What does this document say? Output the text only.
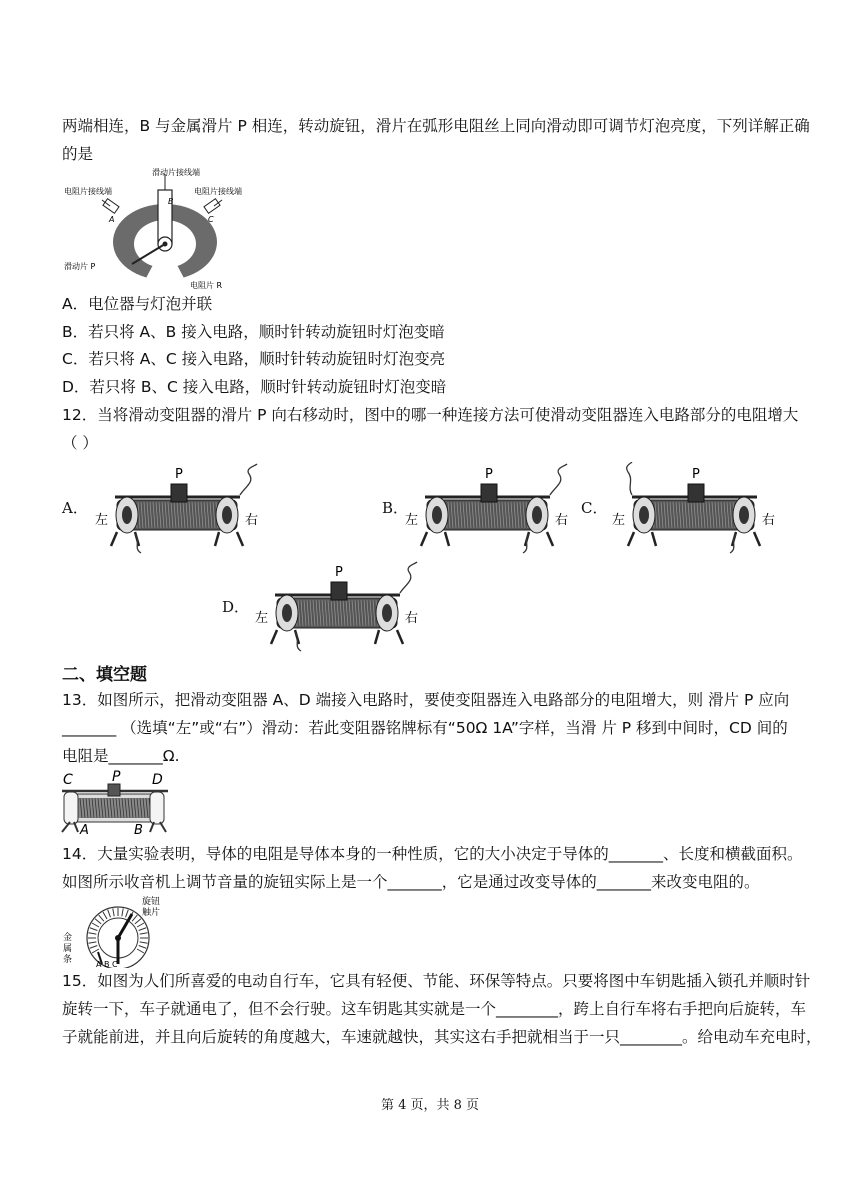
两端相连，B 与金属滑片 P 相连，转动旋钮，滑片在弧形电阻丝上同向滑动即可调节灯泡亮度，下列详解正确
的是
滑动片接线端
电阻片接线端	电阻片接线端
A
B
C
滑动片 P
电阻片 R
A．电位器与灯泡并联
B．若只将 A、B 接入电路，顺时针转动旋钮时灯泡变暗
C．若只将 A、C 接入电路，顺时针转动旋钮时灯泡变亮
D．若只将 B、C 接入电路，顺时针转动旋钮时灯泡变暗
12．当将滑动变阻器的滑片 P 向右移动时，图中的哪一种连接方法可使滑动变阻器连入电路部分的电阻增大
（ ）
A．
P
左	右
B．
P
左	右
C．
P
左	右
D．
P
左	右
二、填空题
13．如图所示，把滑动变阻器 A、D 端接入电路时，要使变阻器连入电路部分的电阻增大，则 滑片 P 应向
_______ （选填“左”或“右”）滑动：若此变阻器铭牌标有“50Ω 1A”字样，当滑 片 P 移到中间时，CD 间的
电阻是_______Ω.
C	P D
A	B
14．大量实验表明，导体的电阻是导体本身的一种性质，它的大小决定于导体的_______、长度和横截面积。
如图所示收音机上调节音量的旋钮实际上是一个_______，它是通过改变导体的_______来改变电阻的。
旋钮
触片
金
属
条	A B C
15．如图为人们所喜爱的电动自行车，它具有轻便、节能、环保等特点。只要将图中车钥匙插入锁孔并顺时针
旋转一下，车子就通电了，但不会行驶。这车钥匙其实就是一个________，跨上自行车将右手把向后旋转，车
子就能前进，并且向后旋转的角度越大，车速就越快，其实这右手把就相当于一只________。给电动车充电时，
第 4 页，共 8 页
